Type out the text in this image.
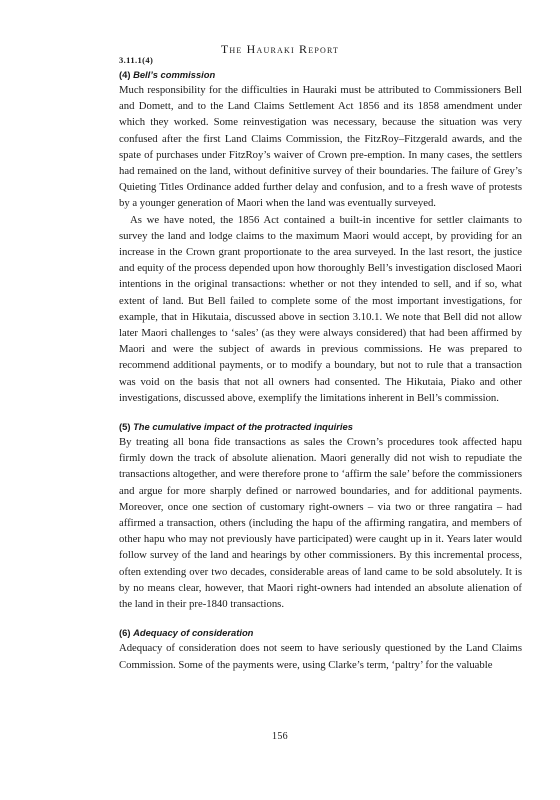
The Hauraki Report
3.11.1(4)
(4) Bell’s commission

Much responsibility for the difficulties in Hauraki must be attributed to Commissioners Bell and Domett, and to the Land Claims Settlement Act 1856 and its 1858 amendment under which they worked. Some reinvestigation was necessary, because the situation was very confused after the first Land Claims Commission, the FitzRoy–Fitzgerald awards, and the spate of purchases under FitzRoy’s waiver of Crown pre-emption. In many cases, the settlers had remained on the land, without definitive survey of their boundaries. The failure of Grey’s Quieting Titles Ordinance added further delay and confusion, and to a fresh wave of protests by a younger generation of Maori when the land was eventually surveyed.

As we have noted, the 1856 Act contained a built-in incentive for settler claimants to survey the land and lodge claims to the maximum Maori would accept, by providing for an increase in the Crown grant proportionate to the area surveyed. In the last resort, the justice and equity of the process depended upon how thoroughly Bell’s investigation disclosed Maori intentions in the original transactions: whether or not they intended to sell, and if so, what extent of land. But Bell failed to complete some of the most important investigations, for example, that in Hikutaia, discussed above in section 3.10.1. We note that Bell did not allow later Maori challenges to ‘sales’ (as they were always considered) that had been affirmed by Maori and were the subject of awards in previous commissions. He was prepared to recommend additional payments, or to modify a boundary, but not to rule that a transaction was void on the basis that not all owners had consented. The Hikutaia, Piako and other investigations, discussed above, exemplify the limitations inherent in Bell’s commission.

(5) The cumulative impact of the protracted inquiries

By treating all bona fide transactions as sales the Crown’s procedures took affected hapu firmly down the track of absolute alienation. Maori generally did not wish to repudiate the transactions altogether, and were therefore prone to ‘affirm the sale’ before the commissioners and argue for more sharply defined or narrowed boundaries, and for additional payments. Moreover, once one section of customary right-owners – via two or three rangatira – had affirmed a transaction, others (including the hapu of the affirming rangatira, and members of other hapu who may not previously have participated) were caught up in it. Years later would follow survey of the land and hearings by other commissioners. By this incremental process, often extending over two decades, considerable areas of land came to be sold absolutely. It is by no means clear, however, that Maori right-owners had intended an absolute alienation of the land in their pre-1840 transactions.

(6) Adequacy of consideration

Adequacy of consideration does not seem to have seriously questioned by the Land Claims Commission. Some of the payments were, using Clarke’s term, ‘paltry’ for the valuable

156
